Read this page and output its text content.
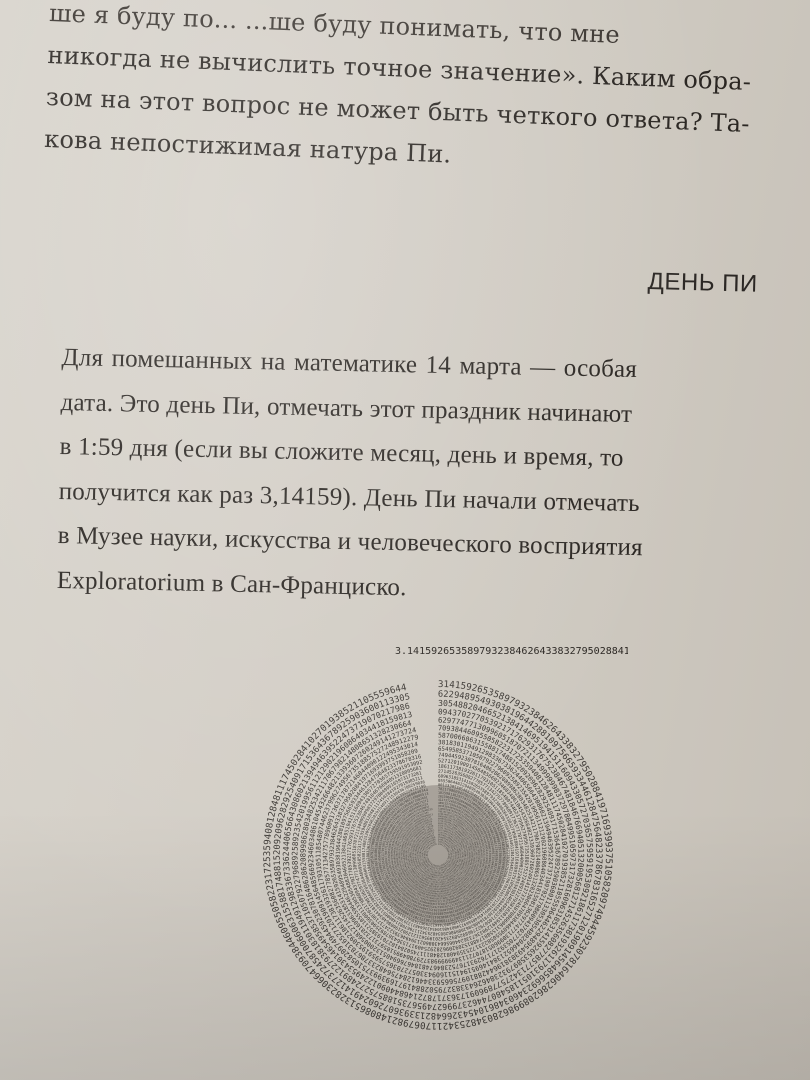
ше я буду по... ...ше буду понимать, что мне
никогда не вычислить точное значение». Каким обра-
зом на этот вопрос не может быть четкого ответа? Та-
кова непостижимая натура Пи.
ДЕНЬ ПИ
Для помешанных на математике 14 марта — особая
дата. Это день Пи, отмечать этот праздник начинают
в 1:59 дня (если вы сложите месяц, день и время, то
получится как раз 3,14159). День Пи начали отмечать
в Музее науки, искусства и человеческого восприятия
Exploratorium в Сан-Франциско.
3.1415926535897932384626433832795028841
3141592653589793238462643383279502884197169399375105820974944592307816406286208998628034825342117067982148086513282306647093844609550582231725359408128481117450284102701938521105559644
6229489549303819644288109756659334461284756482337867831652712019091456485669234603486104543266482133936072602491412737245870066063155881748815209209628292540917153643678925903600113305	3054882046652138414695194151160943305727036575959195309218611738193261179310511854807446237996274956735188575272489122793818301194912983367336244065664308602139494639522473719070217986
0943702770539217176293176752384674818467669405132000568127145263560827785771342757789609173637178721468440901224953430146549585371050792279689258923542019956112129021960864034418159813
6297747713099605187072113499999983729780499510597317328160963185314159265358979323846264338327950288419716939937510582097494459230781640628620899862803482534211706798214808651328230664
7093844609550582231725359408128481117450284102701938521105559644622948954930381964428810975665933446128475648233786783165271201909145648566923460348610454326648213393607260249141273724
5870066063155881748815209209628292540917153643678925903600113305305488204665213841469519415116094330572703657595919530921861173819326117931051185480744623799627495673518857527248912279
3818301194912983367336244065664308602139494639522473719070217986094370277053921717629317675238467481846766940513200056812714526356082778577134275778960917363717872146844090122495343014
6549585371050792279689258923542019956112129021960864034418159813629774771309960518707211349999998372978049951059731732816096318531415926535897932384626433832795028841971693993751058209
7494459230781640628620899862803482534211706798214808651328230664709384460955058223172535940812848111745028410270193852110555964462294895493038196442881097566593344612847564823378678316
5271201909145648566923460348610454326648213393607260249141273724587006606315588174881520920962829254091715364367892590360011330530548820466521384146951941511609433057270365759591953092
1861173819326117931051185480744623799627495673518857527248912279381830119491298336733624406566430860213949463952247371907021798609437027705392171762931767523846748184676694051320005681
2714526356082778577134275778960917363717872146844090122495343014654958537105079227968925892354201995611212902196086403441815981362977477130996051870721134999999837297804995105973173281
6096318531415926535897932384626433832795028841971693993751058209749445923078164062862089986280348253421170679821480865132823066470938446095505822317253594081284811174502841027019385211	0555964462294895493038196442881097566593344612847564823378678316527120190914564856692346034861045432664821339360726024914127372458700660631558817488152092096282925409171536436789259036
0011330530548820466521384146951941511609433057270365759591953092186117381932611793105118548074462379962749567351885752724891227938183011949129833673362440656643086021394946395224737190
